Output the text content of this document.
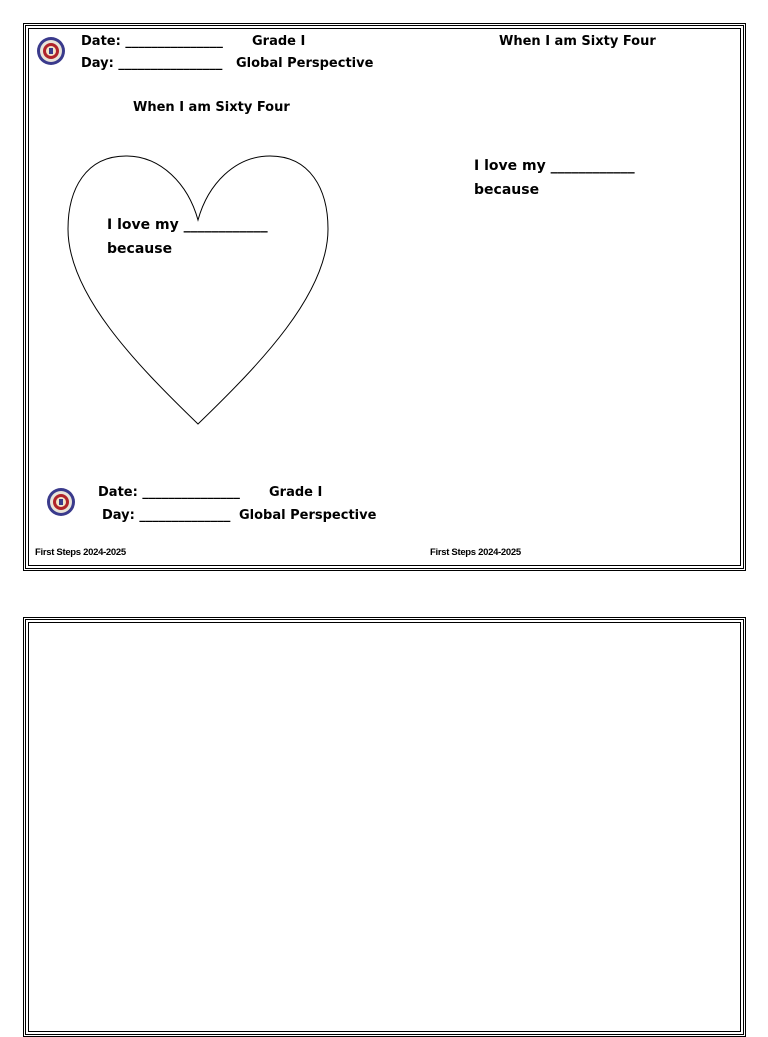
Date: _______________ Grade I
Day: ________________ Global Perspective
When I am Sixty Four
When I am Sixty Four
I love my ____________
because
I love my ____________
because
Date: _______________ Grade I
Day: ______________ Global Perspective
First Steps 2024-2025	First Steps 2024-2025
